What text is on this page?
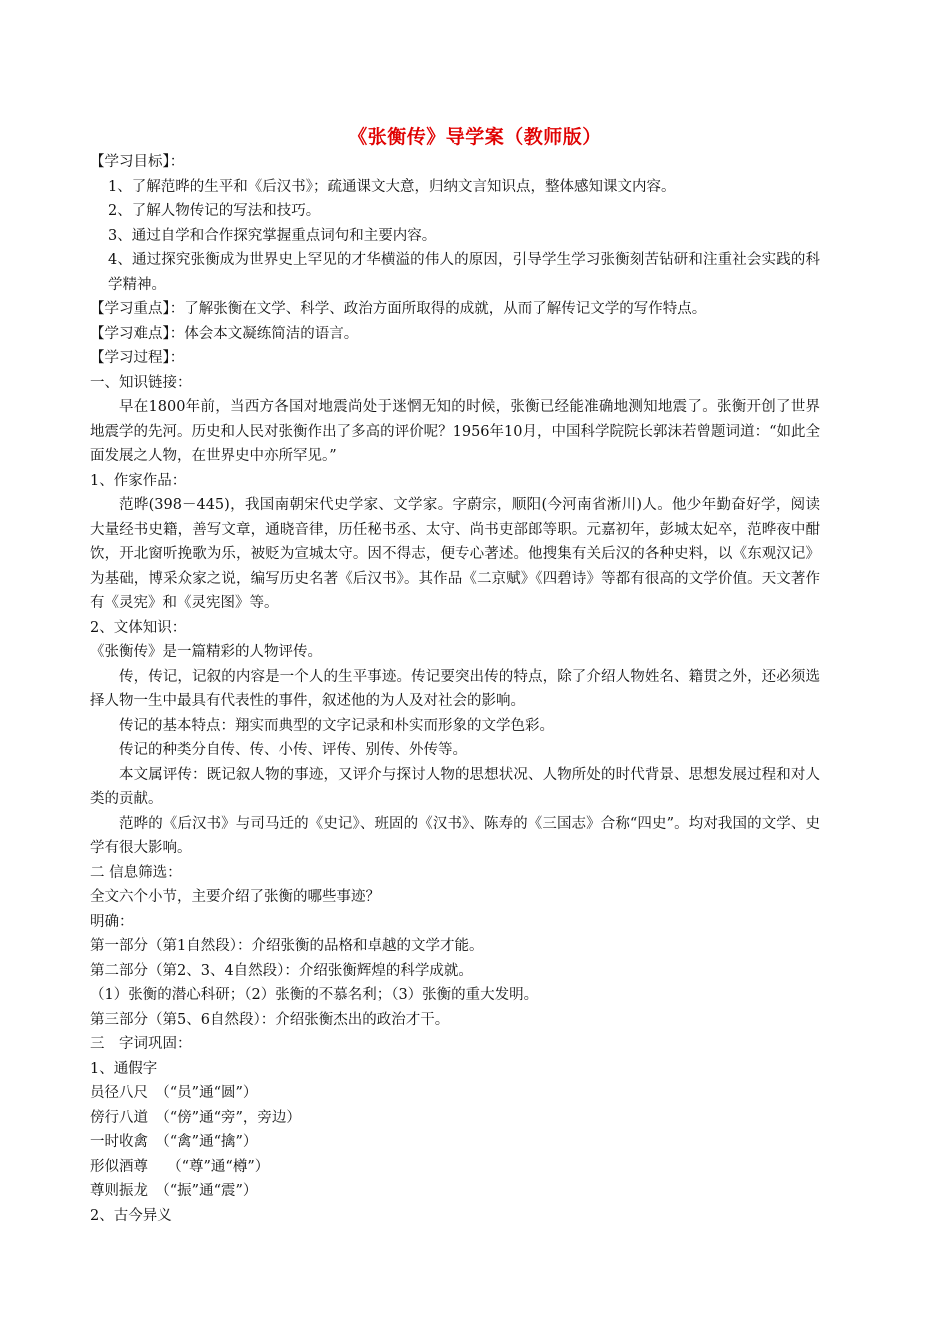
《张衡传》导学案（教师版）

【学习目标】：

1、了解范晔的生平和《后汉书》；疏通课文大意，归纳文言知识点，整体感知课文内容。

2、了解人物传记的写法和技巧。

3、通过自学和合作探究掌握重点词句和主要内容。

4、通过探究张衡成为世界史上罕见的才华横溢的伟人的原因，引导学生学习张衡刻苦钻研和注重社会实践的科学精神。

【学习重点】：了解张衡在文学、科学、政治方面所取得的成就，从而了解传记文学的写作特点。

【学习难点】：体会本文凝练简洁的语言。

【学习过程】：

一、知识链接：

早在1800年前，当西方各国对地震尚处于迷惘无知的时候，张衡已经能准确地测知地震了。张衡开创了世界地震学的先河。历史和人民对张衡作出了多高的评价呢？1956年10月，中国科学院院长郭沫若曾题词道：“如此全面发展之人物，在世界史中亦所罕见。”

1、作家作品：

范晔(398－445)，我国南朝宋代史学家、文学家。字蔚宗，顺阳(今河南省淅川)人。他少年勤奋好学，阅读大量经书史籍，善写文章，通晓音律，历任秘书丞、太守、尚书吏部郎等职。元嘉初年，彭城太妃卒，范晔夜中酣饮，开北窗听挽歌为乐，被贬为宣城太守。因不得志，便专心著述。他搜集有关后汉的各种史料，以《东观汉记》为基础，博采众家之说，编写历史名著《后汉书》。其作品《二京赋》《四碧诗》等都有很高的文学价值。天文著作有《灵宪》和《灵宪图》等。

2、文体知识：

《张衡传》是一篇精彩的人物评传。

传，传记，记叙的内容是一个人的生平事迹。传记要突出传的特点，除了介绍人物姓名、籍贯之外，还必须选择人物一生中最具有代表性的事件，叙述他的为人及对社会的影响。

传记的基本特点：翔实而典型的文字记录和朴实而形象的文学色彩。

传记的种类分自传、传、小传、评传、别传、外传等。

本文属评传：既记叙人物的事迹，又评介与探讨人物的思想状况、人物所处的时代背景、思想发展过程和对人类的贡献。

范晔的《后汉书》与司马迁的《史记》、班固的《汉书》、陈寿的《三国志》合称“四史”。均对我国的文学、史学有很大影响。

二 信息筛选：

全文六个小节，主要介绍了张衡的哪些事迹？

明确：

第一部分（第1自然段）：介绍张衡的品格和卓越的文学才能。

第二部分（第2、3、4自然段）：介绍张衡辉煌的科学成就。

（1）张衡的潜心科研；（2）张衡的不慕名利；（3）张衡的重大发明。

第三部分（第5、6自然段）：介绍张衡杰出的政治才干。

三　字词巩固：

1、通假字

员径八尺　（“员”通“圆”）

傍行八道　（“傍”通“旁”，旁边）

一时收禽　（“禽”通“擒”）

形似酒尊　 （“尊”通“樽”）

尊则振龙　（“振”通“震”）

2、古今异义
